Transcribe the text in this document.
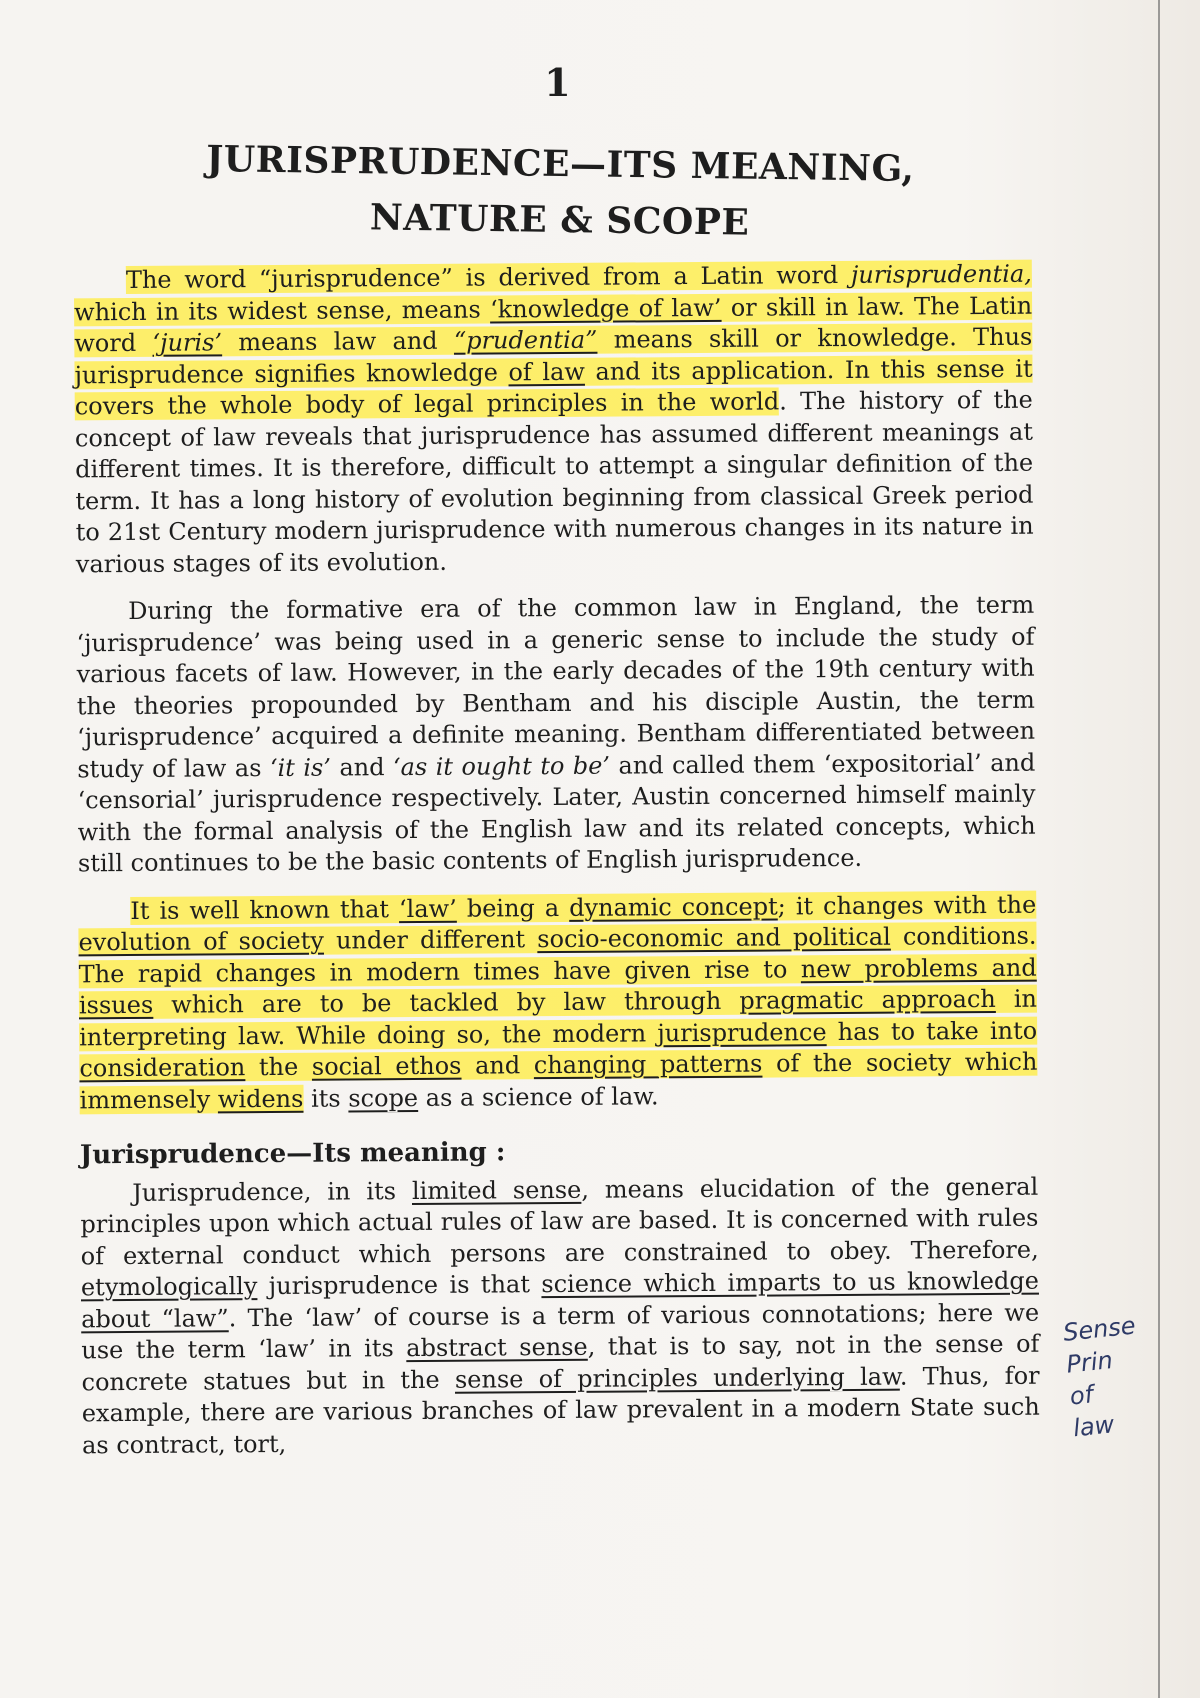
1
JURISPRUDENCE—ITS MEANING, NATURE & SCOPE

The word “jurisprudence” is derived from a Latin word jurisprudentia, which in its widest sense, means ‘knowledge of law’ or skill in law. The Latin word ‘juris’ means law and “prudentia” means skill or knowledge. Thus jurisprudence signifies knowledge of law and its application. In this sense it covers the whole body of legal principles in the world. The history of the concept of law reveals that jurisprudence has assumed different meanings at different times. It is therefore, difficult to attempt a singular definition of the term. It has a long history of evolution beginning from classical Greek period to 21st Century modern jurisprudence with numerous changes in its nature in various stages of its evolution.

During the formative era of the common law in England, the term ‘jurisprudence’ was being used in a generic sense to include the study of various facets of law. However, in the early decades of the 19th century with the theories propounded by Bentham and his disciple Austin, the term ‘jurisprudence’ acquired a definite meaning. Bentham differentiated between study of law as ‘it is’ and ‘as it ought to be’ and called them ‘expositorial’ and ‘censorial’ jurisprudence respectively. Later, Austin concerned himself mainly with the formal analysis of the English law and its related concepts, which still continues to be the basic contents of English jurisprudence.

It is well known that ‘law’ being a dynamic concept; it changes with the evolution of society under different socio-economic and political conditions. The rapid changes in modern times have given rise to new problems and issues which are to be tackled by law through pragmatic approach in interpreting law. While doing so, the modern jurisprudence has to take into consideration the social ethos and changing patterns of the society which immensely widens its scope as a science of law.

Jurisprudence—Its meaning :

Jurisprudence, in its limited sense, means elucidation of the general principles upon which actual rules of law are based. It is concerned with rules of external conduct which persons are constrained to obey. Therefore, etymologically jurisprudence is that science which imparts to us knowledge about “law”. The ‘law’ of course is a term of various connotations; here we use the term ‘law’ in its abstract sense, that is to say, not in the sense of concrete statues but in the sense of principles underlying law. Thus, for example, there are various branches of law prevalent in a modern State such as contract, tort,

Sense
Prin
of
law
